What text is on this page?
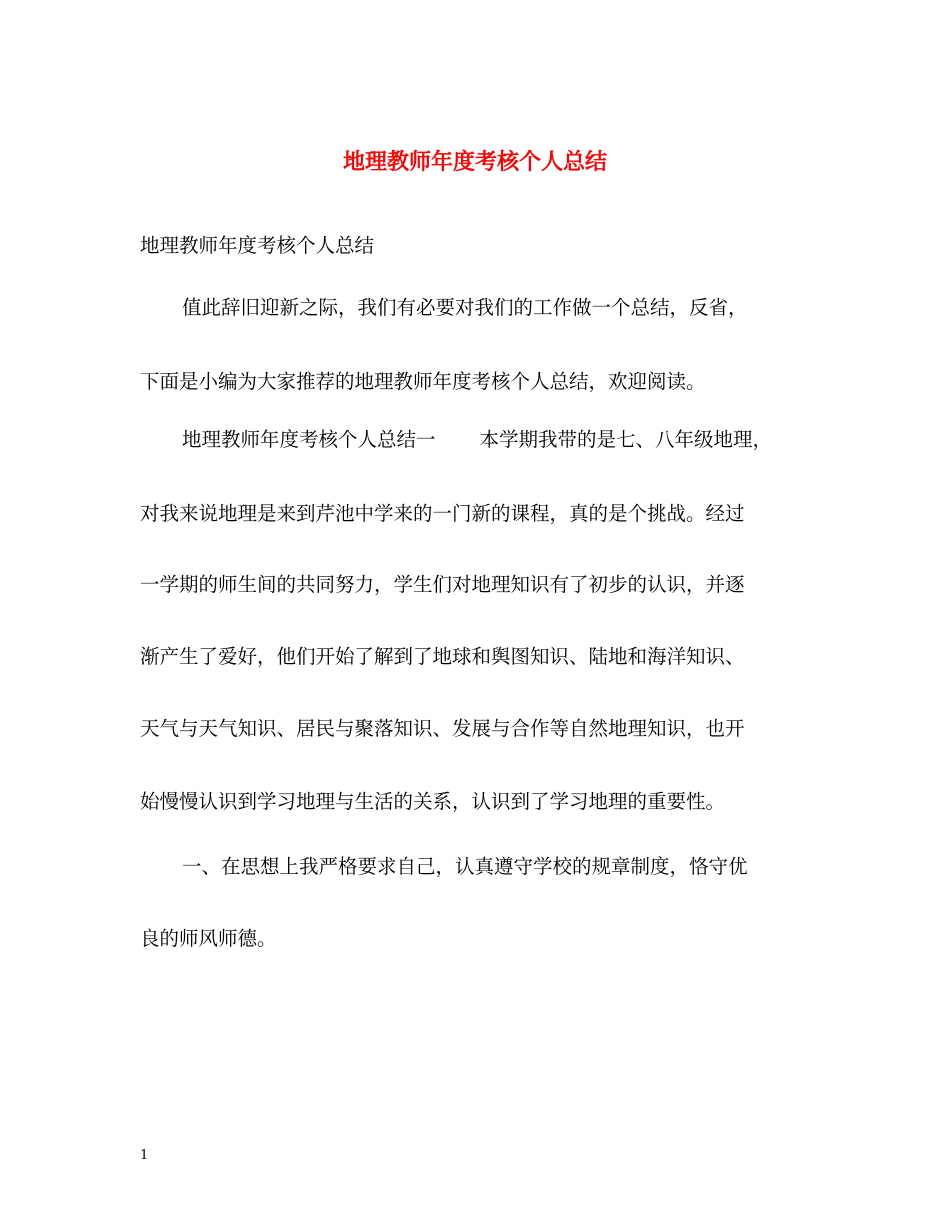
地理教师年度考核个人总结

地理教师年度考核个人总结

值此辞旧迎新之际，我们有必要对我们的工作做一个总结，反省，

下面是小编为大家推荐的地理教师年度考核个人总结，欢迎阅读。

地理教师年度考核个人总结一 本学期我带的是七、八年级地理，

对我来说地理是来到芹池中学来的一门新的课程，真的是个挑战。经过

一学期的师生间的共同努力，学生们对地理知识有了初步的认识，并逐

渐产生了爱好，他们开始了解到了地球和舆图知识、陆地和海洋知识、

天气与天气知识、居民与聚落知识、发展与合作等自然地理知识，也开

始慢慢认识到学习地理与生活的关系，认识到了学习地理的重要性。

一、在思想上我严格要求自己，认真遵守学校的规章制度，恪守优

良的师风师德。

1
